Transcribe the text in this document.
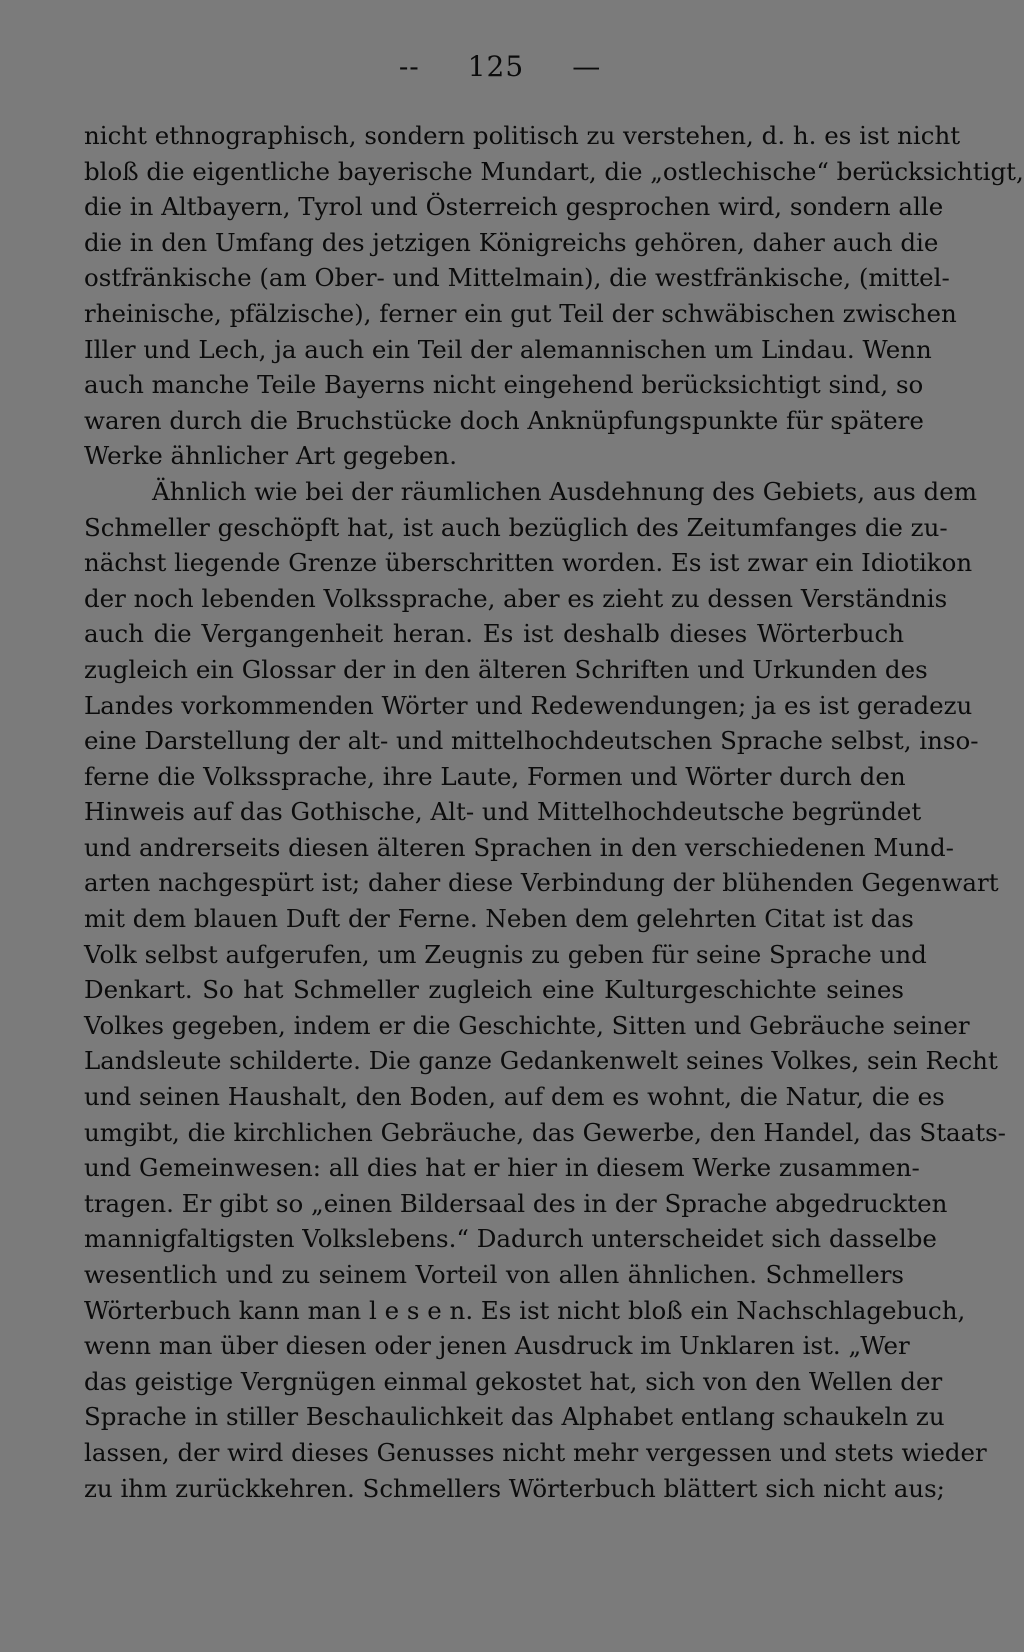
-- 125 —
nicht ethnographisch, sondern politisch zu verstehen, d. h. es ist nicht
bloß die eigentliche bayerische Mundart, die „ostlechische“ berücksichtigt,
die in Altbayern, Tyrol und Österreich gesprochen wird, sondern alle
die in den Umfang des jetzigen Königreichs gehören, daher auch die
ostfränkische (am Ober- und Mittelmain), die westfränkische, (mittel-
rheinische, pfälzische), ferner ein gut Teil der schwäbischen zwischen
Iller und Lech, ja auch ein Teil der alemannischen um Lindau. Wenn
auch manche Teile Bayerns nicht eingehend berücksichtigt sind, so
waren durch die Bruchstücke doch Anknüpfungspunkte für spätere
Werke ähnlicher Art gegeben.
Ähnlich wie bei der räumlichen Ausdehnung des Gebiets, aus dem
Schmeller geschöpft hat, ist auch bezüglich des Zeitumfanges die zu-
nächst liegende Grenze überschritten worden. Es ist zwar ein Idiotikon
der noch lebenden Volkssprache, aber es zieht zu dessen Verständnis
auch die Vergangenheit heran. Es ist deshalb dieses Wörterbuch
zugleich ein Glossar der in den älteren Schriften und Urkunden des
Landes vorkommenden Wörter und Redewendungen; ja es ist geradezu
eine Darstellung der alt- und mittelhochdeutschen Sprache selbst, inso-
ferne die Volkssprache, ihre Laute, Formen und Wörter durch den
Hinweis auf das Gothische, Alt- und Mittelhochdeutsche begründet
und andrerseits diesen älteren Sprachen in den verschiedenen Mund-
arten nachgespürt ist; daher diese Verbindung der blühenden Gegenwart
mit dem blauen Duft der Ferne. Neben dem gelehrten Citat ist das
Volk selbst aufgerufen, um Zeugnis zu geben für seine Sprache und
Denkart. So hat Schmeller zugleich eine Kulturgeschichte seines
Volkes gegeben, indem er die Geschichte, Sitten und Gebräuche seiner
Landsleute schilderte. Die ganze Gedankenwelt seines Volkes, sein Recht
und seinen Haushalt, den Boden, auf dem es wohnt, die Natur, die es
umgibt, die kirchlichen Gebräuche, das Gewerbe, den Handel, das Staats-
und Gemeinwesen: all dies hat er hier in diesem Werke zusammen-
tragen. Er gibt so „einen Bildersaal des in der Sprache abgedruckten
mannigfaltigsten Volkslebens.“ Dadurch unterscheidet sich dasselbe
wesentlich und zu seinem Vorteil von allen ähnlichen. Schmellers
Wörterbuch kann man l e s e n. Es ist nicht bloß ein Nachschlagebuch,
wenn man über diesen oder jenen Ausdruck im Unklaren ist. „Wer
das geistige Vergnügen einmal gekostet hat, sich von den Wellen der
Sprache in stiller Beschaulichkeit das Alphabet entlang schaukeln zu
lassen, der wird dieses Genusses nicht mehr vergessen und stets wieder
zu ihm zurückkehren. Schmellers Wörterbuch blättert sich nicht aus;
